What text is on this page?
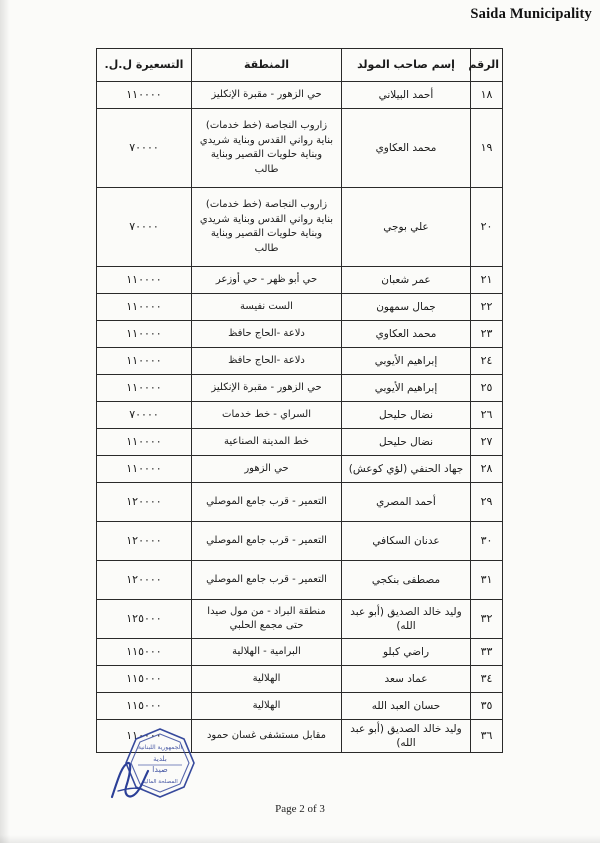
Saida Municipality
الرقم	إسم صاحب المولد	المنطقة	التسعيرة ل.ل.
١٨	أحمد البيلاني	حي الزهور - مقبرة الإنكليز	١١٠٠٠٠
١٩	محمد العكاوي	زاروب النجاصة (خط خدمات) بناية رواني القدس وبناية شريدي وبناية حلويات القصير وبناية طالب	٧٠٠٠٠
٢٠	علي بوجي	زاروب النجاصة (خط خدمات) بناية رواني القدس وبناية شريدي وبناية حلويات القصير وبناية طالب	٧٠٠٠٠
٢١	عمر شعبان	حي أبو ظهر - حي أوزعر	١١٠٠٠٠
٢٢	جمال سمهون	الست نفيسة	١١٠٠٠٠
٢٣	محمد العكاوي	دلاعة -الحاج حافظ	١١٠٠٠٠
٢٤	إبراهيم الأيوبي	دلاعة -الحاج حافظ	١١٠٠٠٠
٢٥	إبراهيم الأيوبي	حي الزهور - مقبرة الإنكليز	١١٠٠٠٠
٢٦	نضال حليحل	السراي - خط خدمات	٧٠٠٠٠
٢٧	نضال حليحل	خط المدينة الصناعية	١١٠٠٠٠
٢٨	جهاد الحنفي (لؤي كوعش)	حي الزهور	١١٠٠٠٠
٢٩	أحمد المصري	التعمير - قرب جامع الموصلي	١٢٠٠٠٠
٣٠	عدنان السكافي	التعمير - قرب جامع الموصلي	١٢٠٠٠٠
٣١	مصطفى بنكجي	التعمير - قرب جامع الموصلي	١٢٠٠٠٠
٣٢	وليد خالد الصديق (أبو عبد الله)	منطقة البراد - من مول صيدا حتى مجمع الحلبي	١٢٥٠٠٠
٣٣	راضي كبلو	البرامية - الهلالية	١١٥٠٠٠
٣٤	عماد سعد	الهلالية	١١٥٠٠٠
٣٥	حسان العبد الله	الهلالية	١١٥٠٠٠
٣٦	وليد خالد الصديق (أبو عبد الله)	مقابل مستشفى غسان حمود	١١٠٠٠٠
الجمهورية اللبنانية
بلدية
صيدا
المصلحة المالية
Page 2 of 3
